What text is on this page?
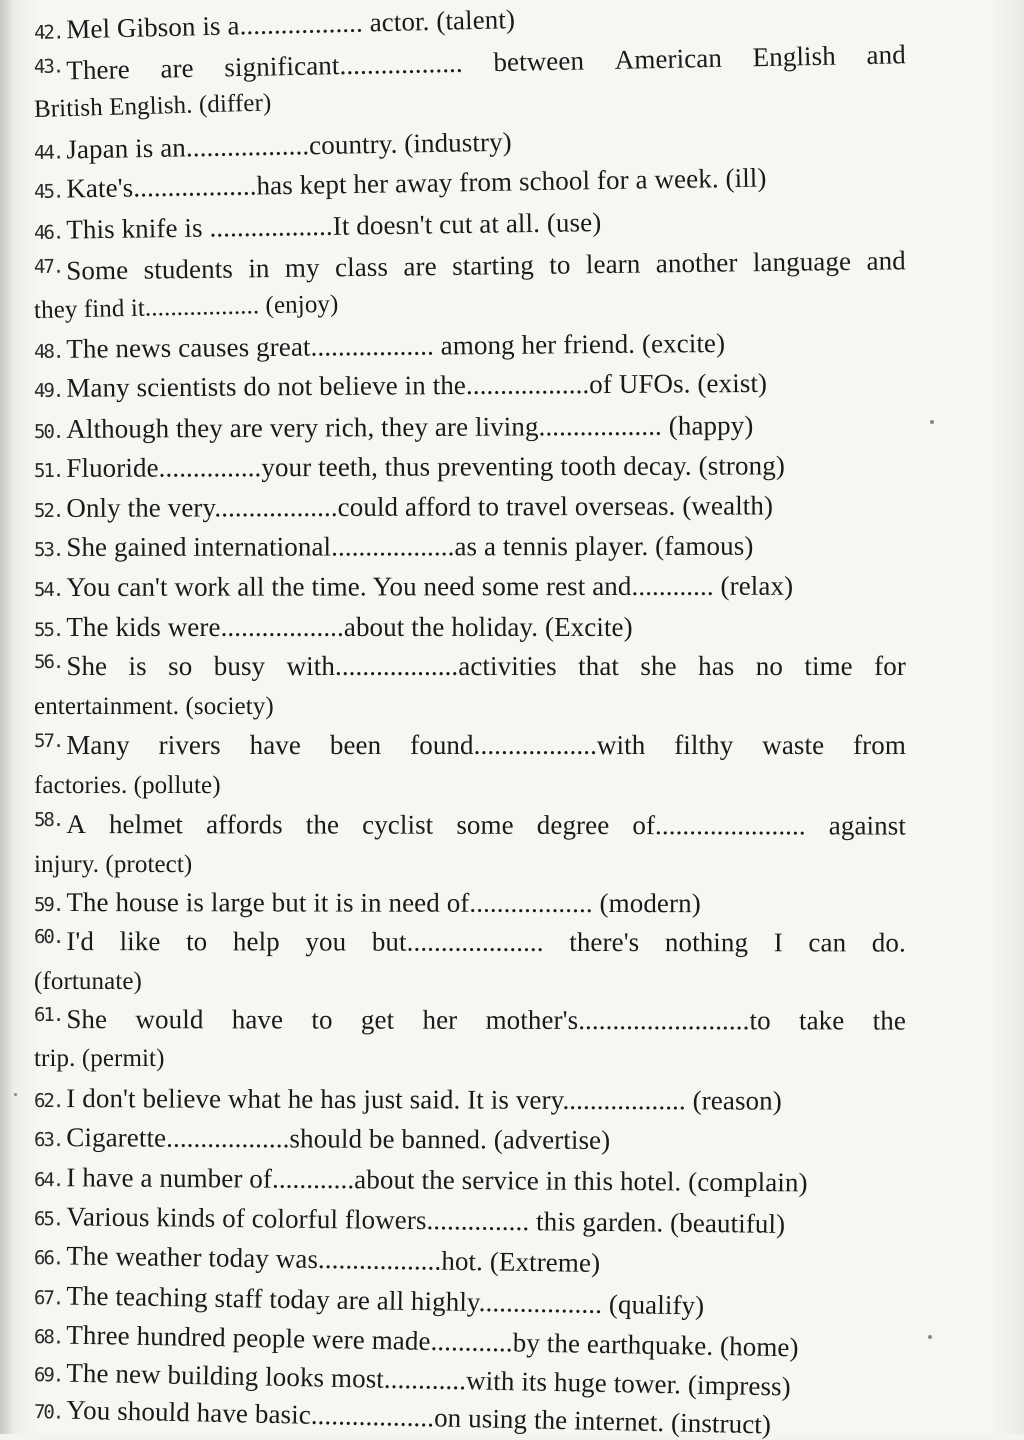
42. Mel Gibson is a.................. actor. (talent)
43. There are significant.................. between American English and
British English. (differ)
44. Japan is an..................country. (industry)
45. Kate's..................has kept her away from school for a week. (ill)
46. This knife is ..................It doesn't cut at all. (use)
47. Some students in my class are starting to learn another language and
they find it.................. (enjoy)
48. The news causes great.................. among her friend. (excite)
49. Many scientists do not believe in the..................of UFOs. (exist)
50. Although they are very rich, they are living.................. (happy)
51. Fluoride...............your teeth, thus preventing tooth decay. (strong)
52. Only the very..................could afford to travel overseas. (wealth)
53. She gained international..................as a tennis player. (famous)
54. You can't work all the time. You need some rest and............ (relax)
55. The kids were..................about the holiday. (Excite)
56. She is so busy with..................activities that she has no time for
entertainment. (society)
57. Many rivers have been found..................with filthy waste from
factories. (pollute)
58. A helmet affords the cyclist some degree of...................... against
injury. (protect)
59. The house is large but it is in need of.................. (modern)
60. I'd like to help you but.................... there's nothing I can do.
(fortunate)
61. She would have to get her mother's.........................to take the
trip. (permit)
62. I don't believe what he has just said. It is very.................. (reason)
63. Cigarette..................should be banned. (advertise)
64. I have a number of............about the service in this hotel. (complain)
65. Various kinds of colorful flowers............... this garden. (beautiful)
66. The weather today was..................hot. (Extreme)
67. The teaching staff today are all highly.................. (qualify)
68. Three hundred people were made............by the earthquake. (home)
69. The new building looks most............with its huge tower. (impress)
70. You should have basic..................on using the internet. (instruct)
